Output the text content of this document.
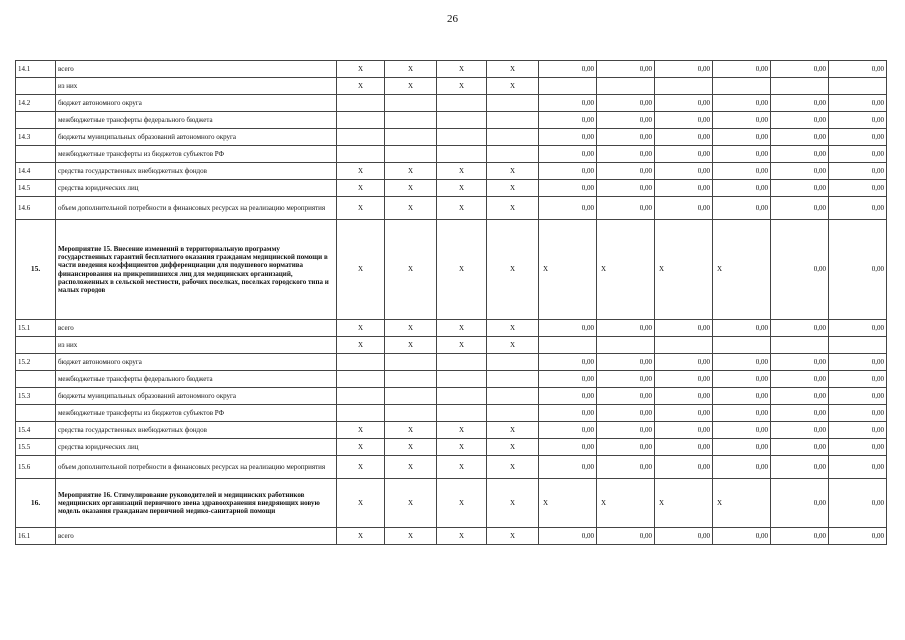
26
14.1	всего	X	X	X	X	0,00	0,00	0,00	0,00	0,00	0,00
	из них	X	X	X	X						
14.2	бюджет автономного округа					0,00	0,00	0,00	0,00	0,00	0,00
	межбюджетные трансферты федерального бюджета					0,00	0,00	0,00	0,00	0,00	0,00
14.3	бюджеты муниципальных образований автономного округа					0,00	0,00	0,00	0,00	0,00	0,00
	межбюджетные трансферты из бюджетов субъектов РФ					0,00	0,00	0,00	0,00	0,00	0,00
14.4	средства государственных внебюджетных фондов	X	X	X	X	0,00	0,00	0,00	0,00	0,00	0,00
14.5	средства юридических лиц	X	X	X	X	0,00	0,00	0,00	0,00	0,00	0,00
14.6	объем дополнительной потребности в финансовых ресурсах на реализацию мероприятия	X	X	X	X	0,00	0,00	0,00	0,00	0,00	0,00
15.	Мероприятие 15. Внесение изменений в территориальную программу государственных гарантий бесплатного оказания гражданам медицинской помощи в части введения коэффициентов дифференциации для подушевого норматива финансирования на прикрепившихся лиц для медицинских организаций, расположенных в сельской местности, рабочих поселках, поселках городского типа и малых городов	X	X	X	X	X	X	X	X	0,00	0,00
15.1	всего	X	X	X	X	0,00	0,00	0,00	0,00	0,00	0,00
	из них	X	X	X	X						
15.2	бюджет автономного округа					0,00	0,00	0,00	0,00	0,00	0,00
	межбюджетные трансферты федерального бюджета					0,00	0,00	0,00	0,00	0,00	0,00
15.3	бюджеты муниципальных образований автономного округа					0,00	0,00	0,00	0,00	0,00	0,00
	межбюджетные трансферты из бюджетов субъектов РФ					0,00	0,00	0,00	0,00	0,00	0,00
15.4	средства государственных внебюджетных фондов	X	X	X	X	0,00	0,00	0,00	0,00	0,00	0,00
15.5	средства юридических лиц	X	X	X	X	0,00	0,00	0,00	0,00	0,00	0,00
15.6	объем дополнительной потребности в финансовых ресурсах на реализацию мероприятия	X	X	X	X	0,00	0,00	0,00	0,00	0,00	0,00
16.	Мероприятие 16. Стимулирование руководителей и медицинских работников медицинских организаций первичного звена здравоохранения внедряющих новую модель оказания гражданам первичной медико-санитарной помощи	X	X	X	X	X	X	X	X	0,00	0,00
16.1	всего	X	X	X	X	0,00	0,00	0,00	0,00	0,00	0,00
